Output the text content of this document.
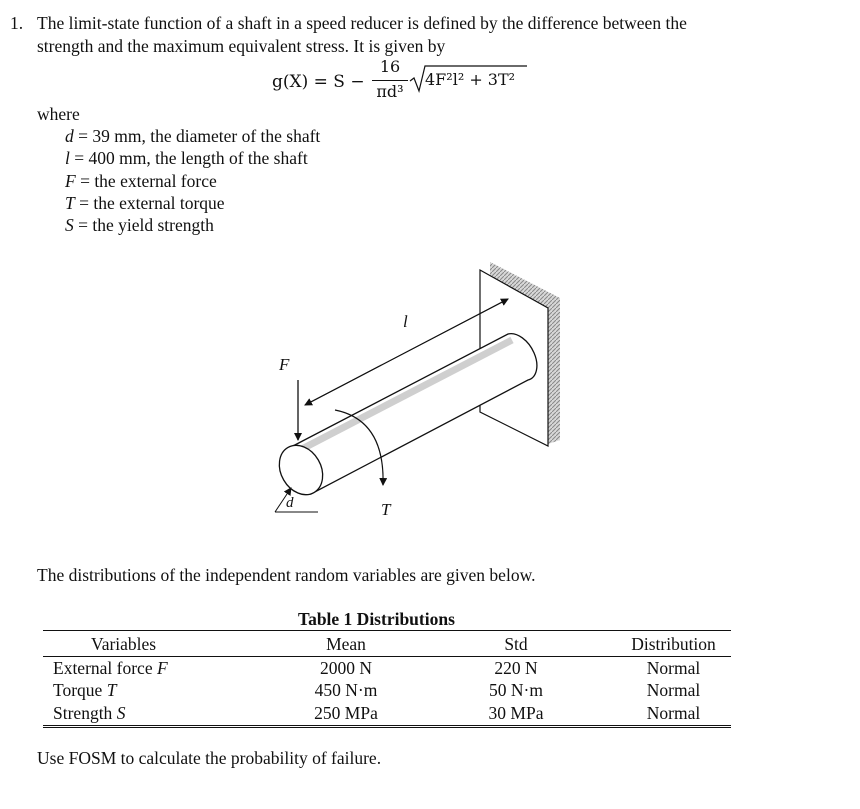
1. The limit-state function of a shaft in a speed reducer is defined by the difference between the
strength and the maximum equivalent stress. It is given by
g(X) = S −
16
πd³
4F²l² + 3T²
where
d = 39 mm, the diameter of the shaft
l = 400 mm, the length of the shaft
F = the external force
T = the external torque
S = the yield strength
l
F
d	T
The distributions of the independent random variables are given below.
Table 1 Distributions
Variables	Mean	Std	Distribution
External force F	2000 N	220 N	Normal
Torque T	450 N·m	50 N·m	Normal
Strength S	250 MPa	30 MPa	Normal
Use FOSM to calculate the probability of failure.
